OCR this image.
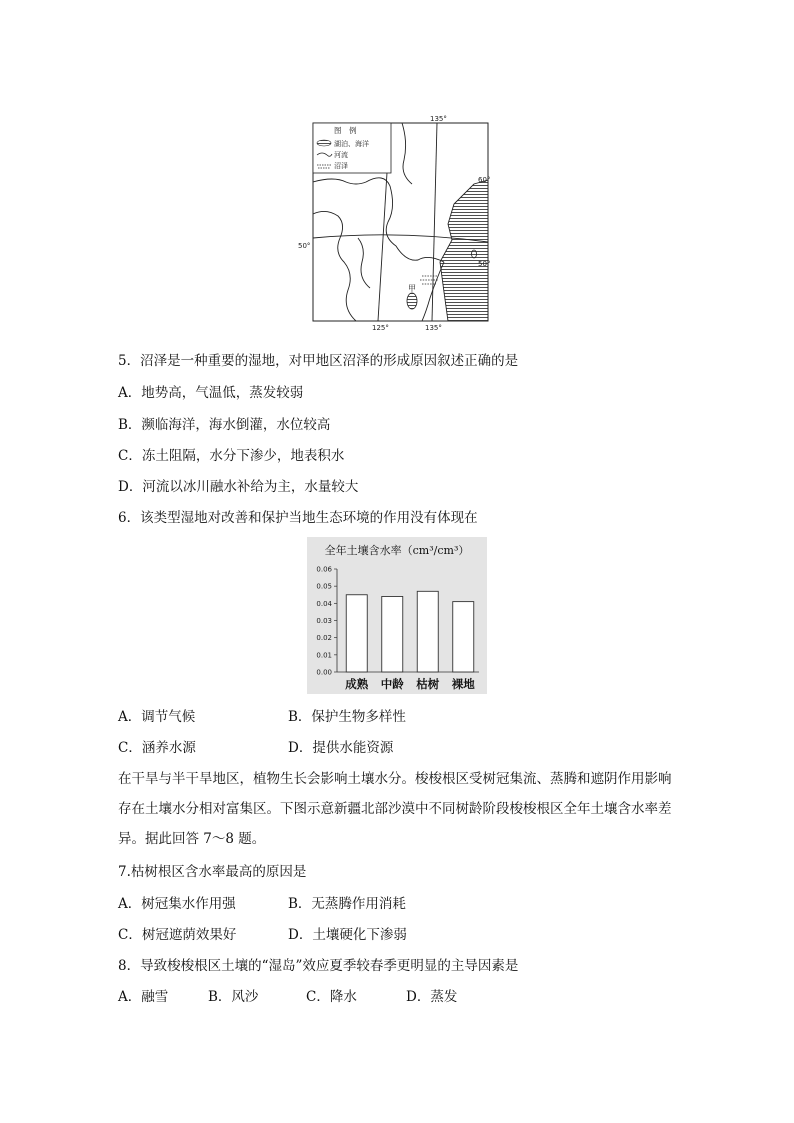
甲
图　例
湖泊、海洋
河流
沼泽
135°
125°	135°
50°
60°
50°
5．沼泽是一种重要的湿地，对甲地区沼泽的形成原因叙述正确的是
A．地势高，气温低，蒸发较弱
B．濒临海洋，海水倒灌，水位较高
C．冻土阻隔，水分下渗少，地表积水
D．河流以冰川融水补给为主，水量较大
6．该类型湿地对改善和保护当地生态环境的作用没有体现在
全年土壤含水率（cm³/cm³）
0.06
0.05
0.04
0.03
0.02
0.01
0.00
成熟 中龄 枯树 裸地
A．调节气候	B．保护生物多样性
C．涵养水源	D．提供水能资源
在干旱与半干旱地区，植物生长会影响土壤水分。梭梭根区受树冠集流、蒸腾和遮阴作用影响存在土壤水分相对富集区。下图示意新疆北部沙漠中不同树龄阶段梭梭根区全年土壤含水率差异。据此回答 7～8 题。
7.枯树根区含水率最高的原因是
A．树冠集水作用强	B．无蒸腾作用消耗
C．树冠遮荫效果好	D．土壤硬化下渗弱
8．导致梭梭根区土壤的“湿岛”效应夏季较春季更明显的主导因素是
A．融雪	B．风沙	C．降水	D．蒸发
